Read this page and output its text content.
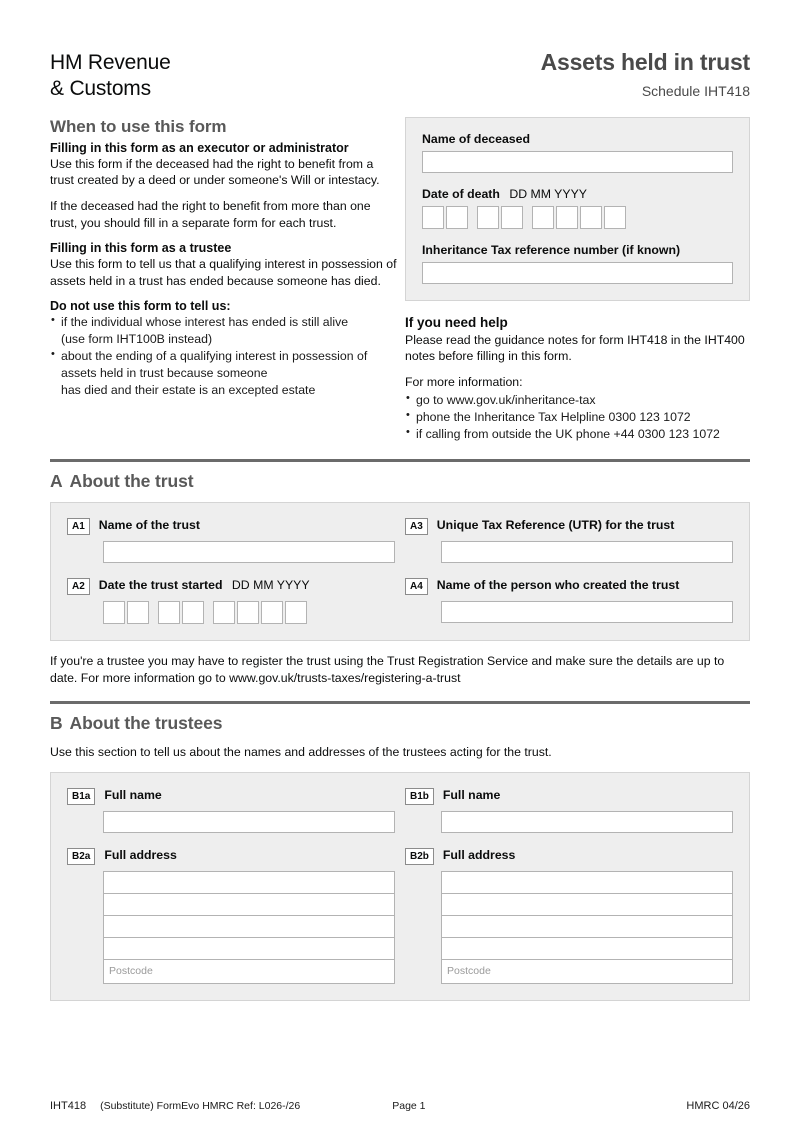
HM Revenue
& Customs
Assets held in trust
Schedule IHT418
When to use this form
Filling in this form as an executor or administrator

Use this form if the deceased had the right to benefit from a trust created by a deed or under someone's Will or intestacy.

If the deceased had the right to benefit from more than one trust, you should fill in a separate form for each trust.

Filling in this form as a trustee

Use this form to tell us that a qualifying interest in possession of assets held in a trust has ended because someone has died.

Do not use this form to tell us:
• if the individual whose interest has ended is still alive
(use form IHT100B instead)
• about the ending of a qualifying interest in possession of assets held in trust because someone
has died and their estate is an excepted estate
Name of deceased
Date of death DD MM YYYY
Inheritance Tax reference number (if known)
If you need help

Please read the guidance notes for form IHT418 in the IHT400 notes before filling in this form.

For more information:

• go to www.gov.uk/inheritance-tax
• phone the Inheritance Tax Helpline 0300 123 1072
• if calling from outside the UK phone +44 0300 123 1072
A About the trust
A1	Name of the trust
A2	Date the trust started DD MM YYYY
A3	Unique Tax Reference (UTR) for the trust
A4	Name of the person who created the trust

If you're a trustee you may have to register the trust using the Trust Registration Service and make sure the details are up to date. For more information go to www.gov.uk/trusts-taxes/registering-a-trust

B About the trustees

Use this section to tell us about the names and addresses of the trustees acting for the trust.

B1a	Full name
B2a	Full address
Postcode
B1b	Full name
B2b	Full address
Postcode
IHT418 (Substitute) FormEvo HMRC Ref: L026-/26	Page 1	HMRC 04/26
